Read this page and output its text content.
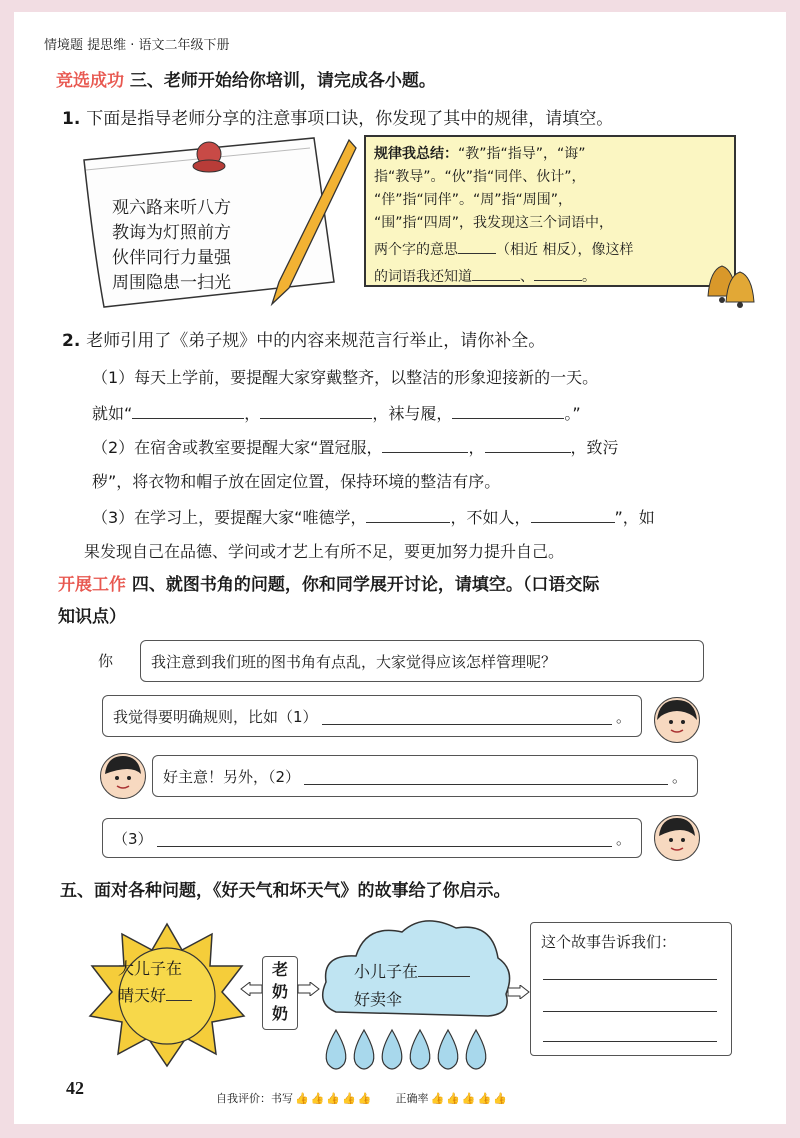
情境题 提思维 · 语文二年级下册
竞选成功 三、老师开始给你培训，请完成各小题。
1. 下面是指导老师分享的注意事项口诀，你发现了其中的规律，请填空。
观六路来听八方
教诲为灯照前方
伙伴同行力量强
周围隐患一扫光
规律我总结：“教”指“指导”，“诲”
指“教导”。“伙”指“同伴、伙计”，
“伴”指“同伴”。“周”指“周围”，
“围”指“四周”，我发现这三个词语中，
两个字的意思	（相近 相反），像这样
的词语我还知道	、	。
2. 老师引用了《弟子规》中的内容来规范言行举止，请你补全。
（1）每天上学前，要提醒大家穿戴整齐，以整洁的形象迎接新的一天。
就如“	，	，袜与履，	。”
（2）在宿舍或教室要提醒大家“置冠服，	，	，致污
秽”，将衣物和帽子放在固定位置，保持环境的整洁有序。
（3）在学习上，要提醒大家“唯德学，	，不如人，	”，如
果发现自己在品德、学问或才艺上有所不足，要更加努力提升自己。
开展工作 四、就图书角的问题，你和同学展开讨论，请填空。（口语交际
知识点）
你	我注意到我们班的图书角有点乱，大家觉得应该怎样管理呢？
我觉得要明确规则，比如（1）	。
好主意！另外，（2）	。
（3）	。
五、面对各种问题，《好天气和坏天气》的故事给了你启示。
大儿子在
晴天好
老
奶
奶
小儿子在
好卖伞
这个故事告诉我们：
42
自我评价：书写 👍 👍 👍 👍 👍 正确率 👍 👍 👍 👍 👍
